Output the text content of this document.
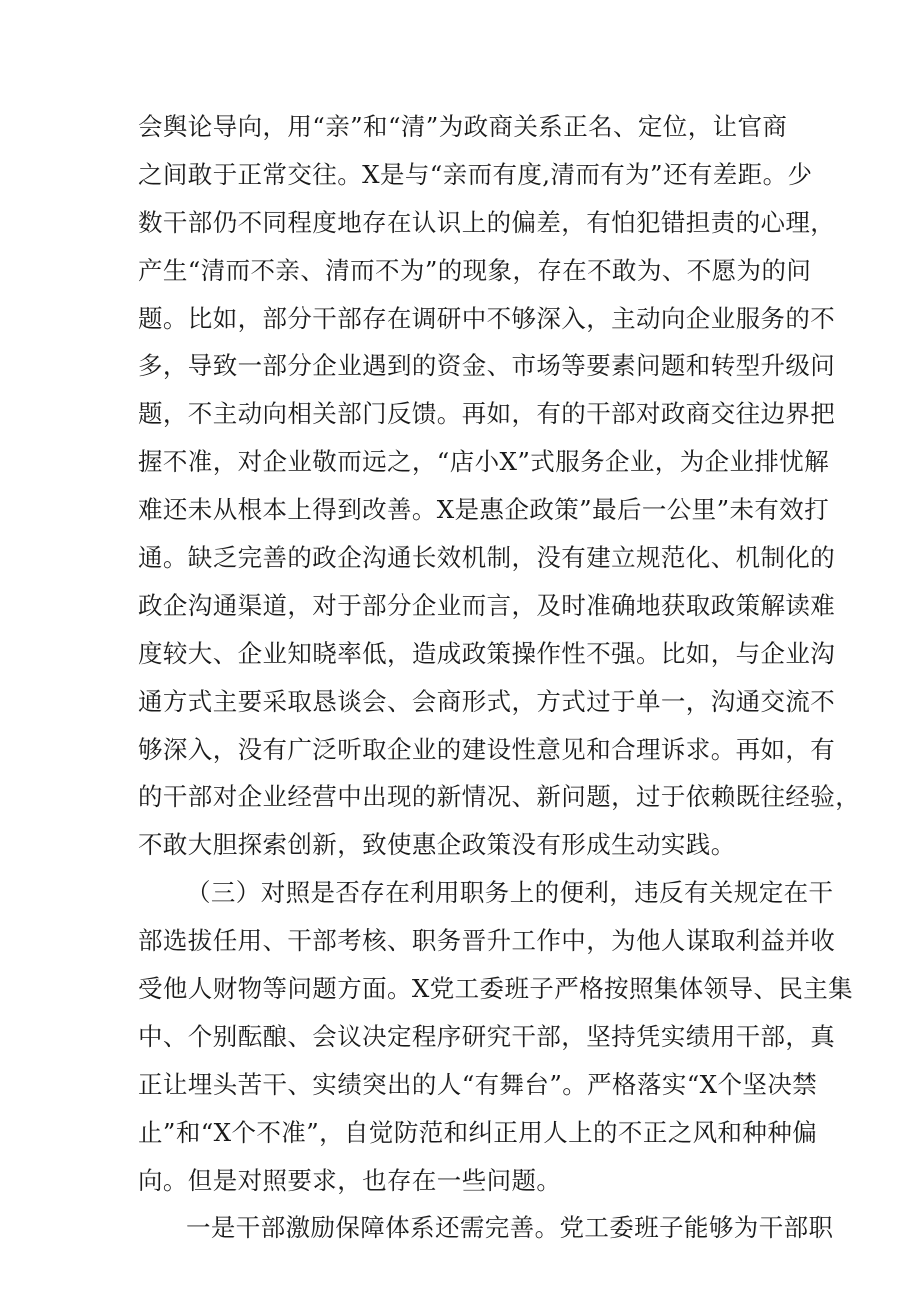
会舆论导向，用“亲”和“清”为政商关系正名、定位，让官商
之间敢于正常交往。X是与“亲而有度,清而有为”还有差距。少
数干部仍不同程度地存在认识上的偏差，有怕犯错担责的心理，
产生“清而不亲、清而不为”的现象，存在不敢为、不愿为的问
题。比如，部分干部存在调研中不够深入，主动向企业服务的不
多，导致一部分企业遇到的资金、市场等要素问题和转型升级问
题，不主动向相关部门反馈。再如，有的干部对政商交往边界把
握不准，对企业敬而远之，“店小X”式服务企业，为企业排忧解
难还未从根本上得到改善。X是惠企政策”最后一公里”未有效打
通。缺乏完善的政企沟通长效机制，没有建立规范化、机制化的
政企沟通渠道，对于部分企业而言，及时准确地获取政策解读难
度较大、企业知晓率低，造成政策操作性不强。比如，与企业沟
通方式主要采取恳谈会、会商形式，方式过于单一，沟通交流不
够深入，没有广泛听取企业的建设性意见和合理诉求。再如，有
的干部对企业经营中出现的新情况、新问题，过于依赖既往经验，
不敢大胆探索创新，致使惠企政策没有形成生动实践。
（三）对照是否存在利用职务上的便利，违反有关规定在干
部选拔任用、干部考核、职务晋升工作中，为他人谋取利益并收
受他人财物等问题方面。X党工委班子严格按照集体领导、民主集
中、个别酝酿、会议决定程序研究干部，坚持凭实绩用干部，真
正让埋头苦干、实绩突出的人“有舞台”。严格落实“X个坚决禁
止”和“X个不准”，自觉防范和纠正用人上的不正之风和种种偏
向。但是对照要求，也存在一些问题。
一是干部激励保障体系还需完善。党工委班子能够为干部职
